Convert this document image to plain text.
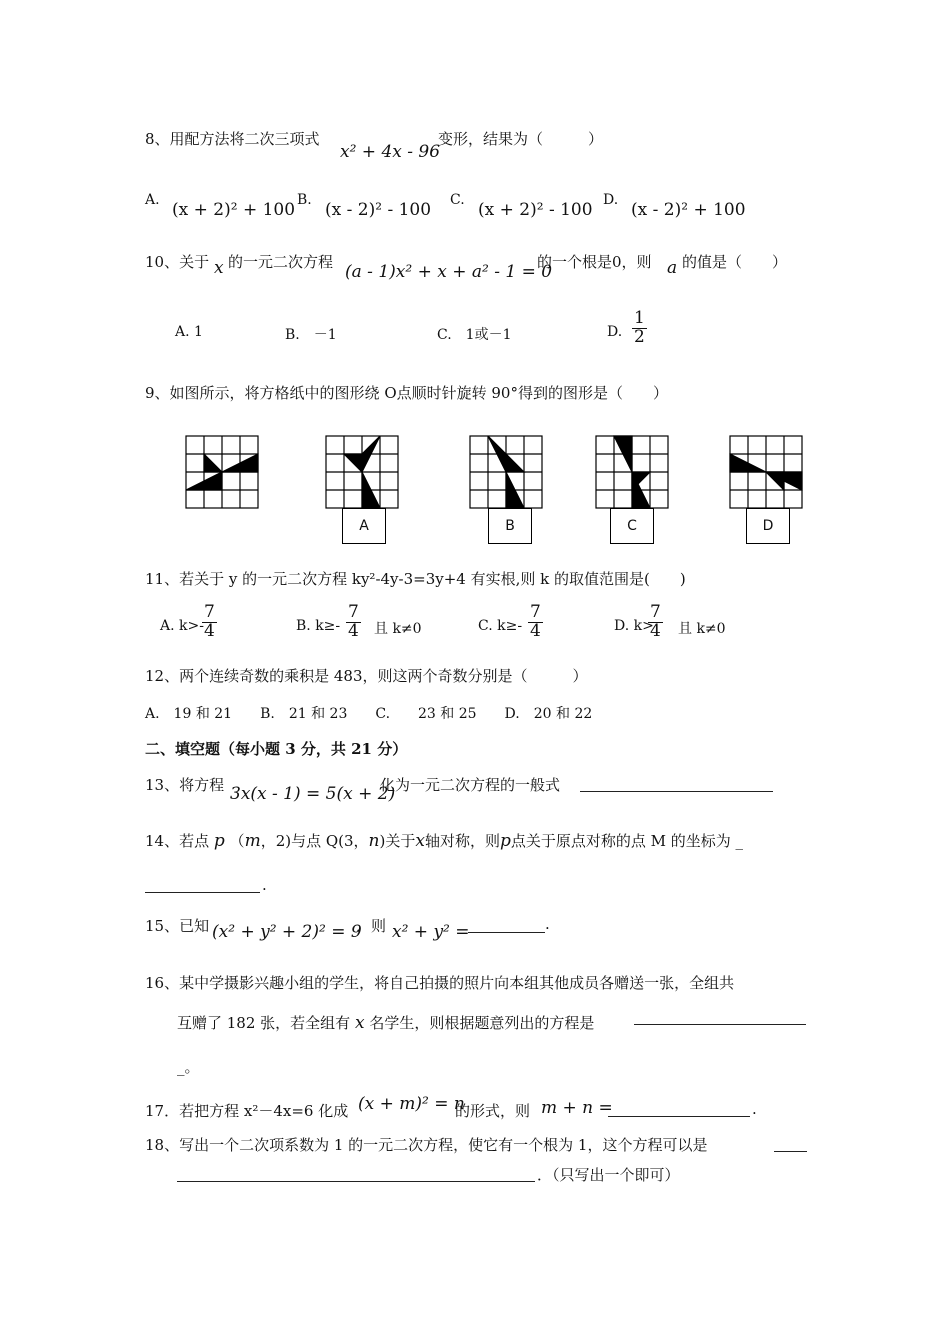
8、用配方法将二次三项式
x² + 4x - 96
变形，结果为（　　　）
A. (x + 2)² + 100 B. (x - 2)² - 100 C. (x + 2)² - 100 D. (x - 2)² + 100
10、关于 x 的一元二次方程 (a - 1)x² + x + a² - 1 = 0
的一个根是0，则 a 的值是（　　）
A. 1	B.　－1	C.　1或－1	D. $\frac{1}{2}$
9、如图所示，将方格纸中的图形绕 O点顺时针旋转 90°得到的图形是（　　）
A	B	C	D
11、若关于 y 的一元二次方程 ky²-4y-3=3y+4 有实根,则 k 的取值范围是(　　)
A. k>-
$\frac{7}{4}$	B. $k\ge- \frac{7}{4}$ 且 k≠0	C. $k\ge- \frac{7}{4}$	D. k>
$\frac{7}{4}$ 且 k≠0
12、两个连续奇数的乘积是 483，则这两个奇数分别是（　　　）
A.　19 和 21　　B.　21 和 23　　C.　　23 和 25　　D.　20 和 22
二、填空题（每小题 3 分，共 21 分）
13、将方程 3x(x - 1) = 5(x + 2)
化为一元二次方程的一般式
14、若点 p （m，2)与点 Q(3，n)关于x轴对称，则p点关于原点对称的点 M 的坐标为 _
.
15、已知 (x² + y² + 2)² = 9
，则 x² + y² =	.
16、某中学摄影兴趣小组的学生，将自己拍摄的照片向本组其他成员各赠送一张，全组共
互赠了 182 张，若全组有 x 名学生，则根据题意列出的方程是
_。
17．若把方程 x²－4x=6 化成 (x + m)² = n
的形式，则 m + n =	.
18、写出一个二次项系数为 1 的一元二次方程，使它有一个根为 1，这个方程可以是
．（只写出一个即可）
